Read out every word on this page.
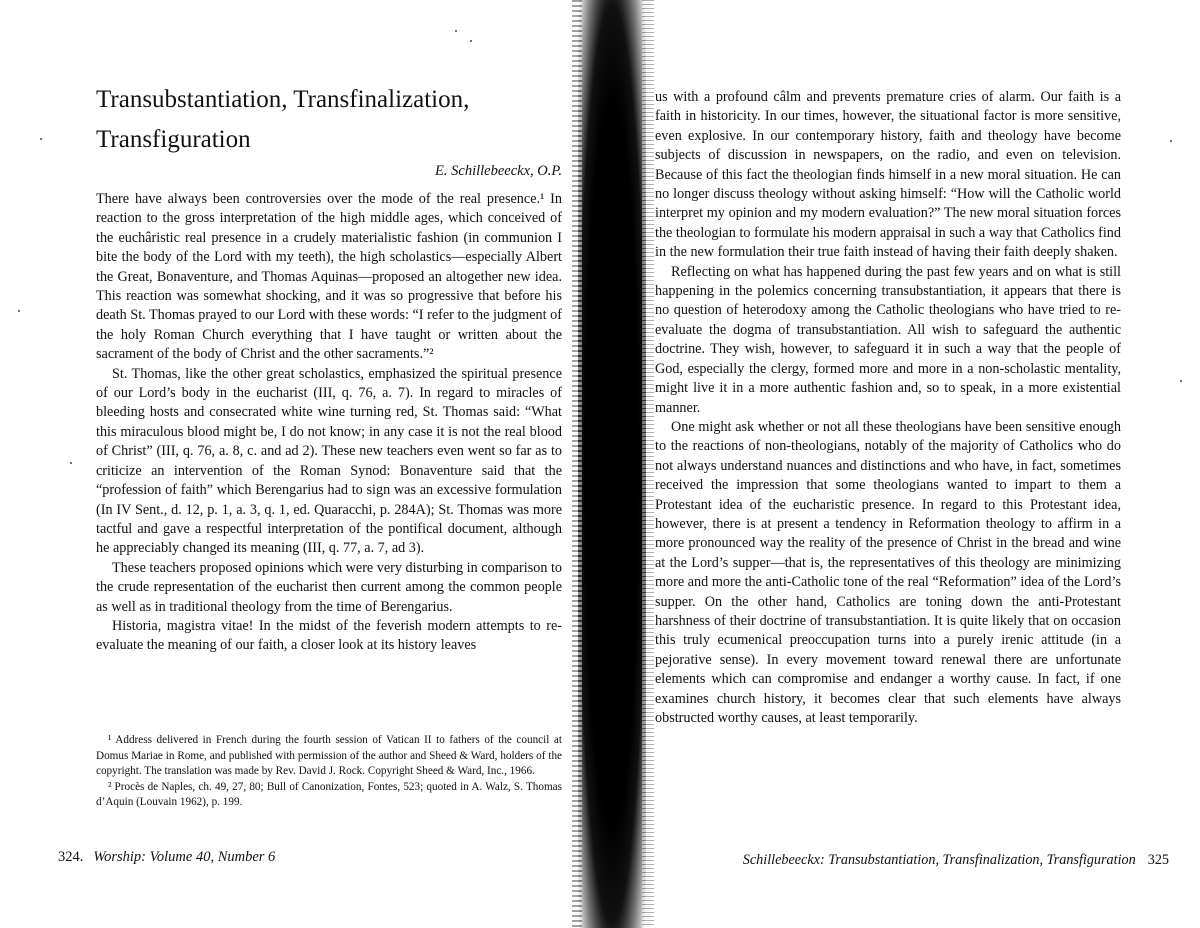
Transubstantiation, Transfinalization,
Transfiguration
E. Schillebeeckx, O.P.

There have always been controversies over the mode of the real presence.¹ In reaction to the gross interpretation of the high middle ages, which conceived of the euchâristic real presence in a crudely materialistic fashion (in communion I bite the body of the Lord with my teeth), the high scholastics—especially Albert the Great, Bonaventure, and Thomas Aquinas—proposed an altogether new idea. This reaction was somewhat shocking, and it was so progressive that before his death St. Thomas prayed to our Lord with these words: “I refer to the judgment of the holy Roman Church everything that I have taught or written about the sacrament of the body of Christ and the other sacraments.”²

St. Thomas, like the other great scholastics, emphasized the spiritual presence of our Lord’s body in the eucharist (III, q. 76, a. 7). In regard to miracles of bleeding hosts and consecrated white wine turning red, St. Thomas said: “What this miraculous blood might be, I do not know; in any case it is not the real blood of Christ” (III, q. 76, a. 8, c. and ad 2). These new teachers even went so far as to criticize an intervention of the Roman Synod: Bonaventure said that the “profession of faith” which Berengarius had to sign was an excessive formulation (In IV Sent., d. 12, p. 1, a. 3, q. 1, ed. Quaracchi, p. 284A); St. Thomas was more tactful and gave a respectful interpretation of the pontifical document, although he appreciably changed its meaning (III, q. 77, a. 7, ad 3).

These teachers proposed opinions which were very disturbing in comparison to the crude representation of the eucharist then current among the common people as well as in traditional theology from the time of Berengarius.

Historia, magistra vitae! In the midst of the feverish modern attempts to re-evaluate the meaning of our faith, a closer look at its history leaves

¹ Address delivered in French during the fourth session of Vatican II to fathers of the council at Domus Mariae in Rome, and published with permission of the author and Sheed & Ward, holders of the copyright. The translation was made by Rev. David J. Rock. Copyright Sheed & Ward, Inc., 1966.

² Procès de Naples, ch. 49, 27, 80; Bull of Canonization, Fontes, 523; quoted in A. Walz, S. Thomas d’Aquin (Louvain 1962), p. 199.

324. Worship: Volume 40, Number 6

us with a profound câlm and prevents premature cries of alarm. Our faith is a faith in historicity. In our times, however, the situational factor is more sensitive, even explosive. In our contemporary history, faith and theology have become subjects of discussion in newspapers, on the radio, and even on television. Because of this fact the theologian finds himself in a new moral situation. He can no longer discuss theology without asking himself: “How will the Catholic world interpret my opinion and my modern evaluation?” The new moral situation forces the theologian to formulate his modern appraisal in such a way that Catholics find in the new formulation their true faith instead of having their faith deeply shaken.

Reflecting on what has happened during the past few years and on what is still happening in the polemics concerning transubstantiation, it appears that there is no question of heterodoxy among the Catholic theologians who have tried to re-evaluate the dogma of transubstantiation. All wish to safeguard the authentic doctrine. They wish, however, to safeguard it in such a way that the people of God, especially the clergy, formed more and more in a non-scholastic mentality, might live it in a more authentic fashion and, so to speak, in a more existential manner.

One might ask whether or not all these theologians have been sensitive enough to the reactions of non-theologians, notably of the majority of Catholics who do not always understand nuances and distinctions and who have, in fact, sometimes received the impression that some theologians wanted to impart to them a Protestant idea of the eucharistic presence. In regard to this Protestant idea, however, there is at present a tendency in Reformation theology to affirm in a more pronounced way the reality of the presence of Christ in the bread and wine at the Lord’s supper—that is, the representatives of this theology are minimizing more and more the anti-Catholic tone of the real “Reformation” idea of the Lord’s supper. On the other hand, Catholics are toning down the anti-Protestant harshness of their doctrine of transubstantiation. It is quite likely that on occasion this truly ecumenical preoccupation turns into a purely irenic attitude (in a pejorative sense). In every movement toward renewal there are unfortunate elements which can compromise and endanger a worthy cause. In fact, if one examines church history, it becomes clear that such elements have always obstructed worthy causes, at least temporarily.

Schillebeeckx: Transubstantiation, Transfinalization, Transfiguration 325
